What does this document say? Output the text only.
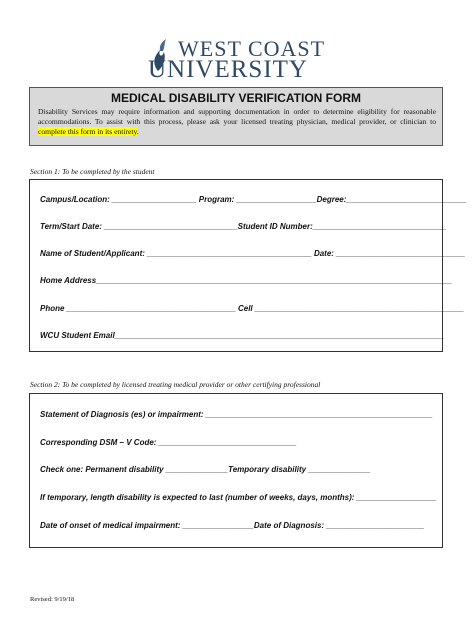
WEST COAST
UNIVERSITY
MEDICAL DISABILITY VERIFICATION FORM

Disability Services may require information and supporting documentation in order to determine eligibility for reasonable accommodations. To assist with this process, please ask your licensed treating physician, medical provider, or clinician to complete this form in its entirety.

Section 1: To be completed by the student
Campus/Location: ___________________ Program: __________________Degree:___________________________
Term/Start Date: ______________________________Student ID Number:______________________________
Name of Student/Applicant: _____________________________________ Date: _____________________________
Home Address________________________________________________________________________________
Phone ______________________________________ Cell _______________________________________________
WCU Student Email__________________________________________________________________________
Section 2: To be completed by licensed treating medical provider or other certifying professional
Statement of Diagnosis (es) or impairment: ___________________________________________________
Corresponding DSM – V Code: _______________________________
Check one: Permanent disability ______________Temporary disability ______________
If temporary, length disability is expected to last (number of weeks, days, months): __________________
Date of onset of medical impairment: ________________Date of Diagnosis: ______________________
Revised: 9/19/18
